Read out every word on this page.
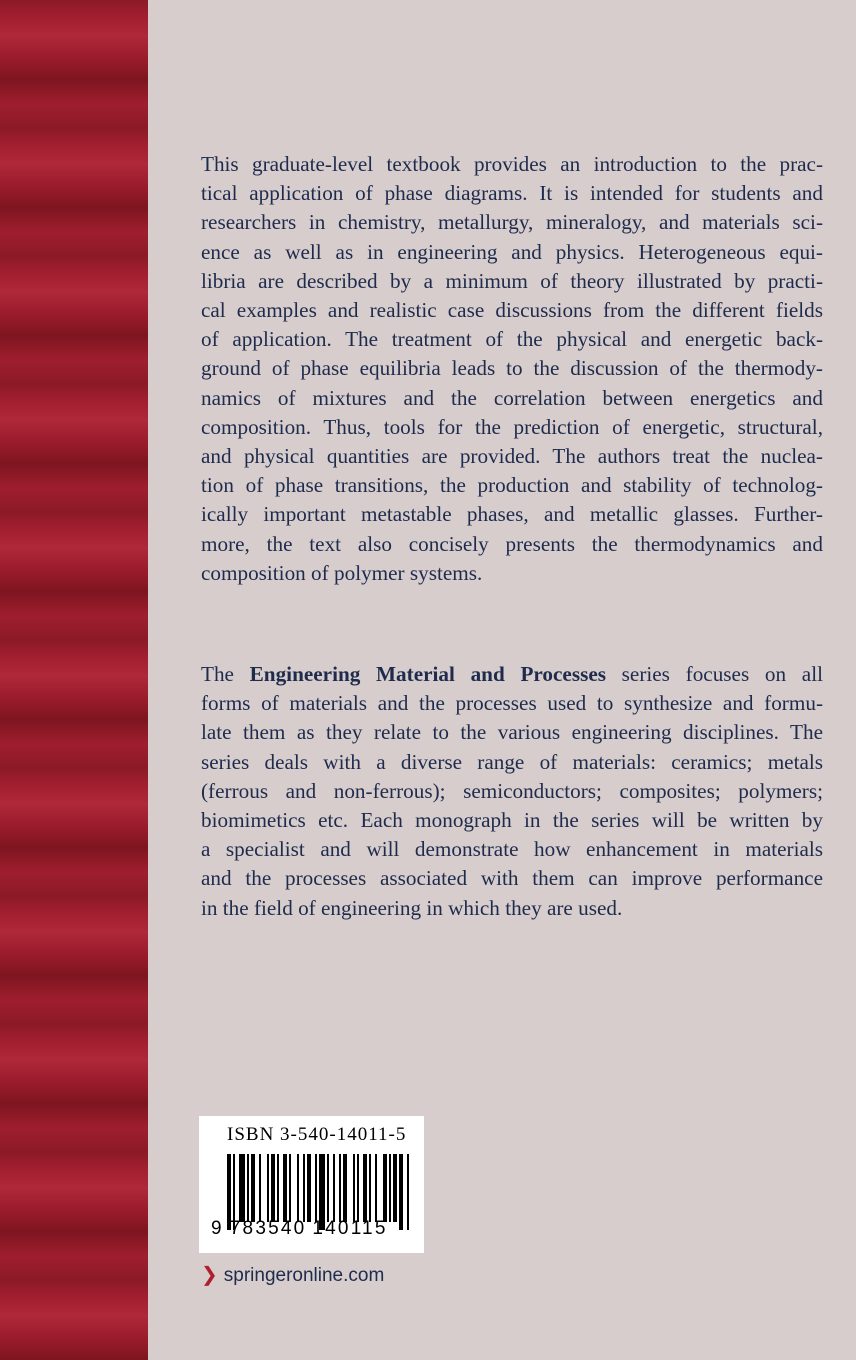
This graduate-level textbook provides an introduction to the prac-
tical application of phase diagrams. It is intended for students and
researchers in chemistry, metallurgy, mineralogy, and materials sci-
ence as well as in engineering and physics. Heterogeneous equi-
libria are described by a minimum of theory illustrated by practi-
cal examples and realistic case discussions from the different fields
of application. The treatment of the physical and energetic back-
ground of phase equilibria leads to the discussion of the thermody-
namics of mixtures and the correlation between energetics and
composition. Thus, tools for the prediction of energetic, structural,
and physical quantities are provided. The authors treat the nuclea-
tion of phase transitions, the production and stability of technolog-
ically important metastable phases, and metallic glasses. Further-
more, the text also concisely presents the thermodynamics and
composition of polymer systems.
The Engineering Material and Processes series focuses on all
forms of materials and the processes used to synthesize and formu-
late them as they relate to the various engineering disciplines. The
series deals with a diverse range of materials: ceramics; metals
(ferrous and non-ferrous); semiconductors; composites; polymers;
biomimetics etc. Each monograph in the series will be written by
a specialist and will demonstrate how enhancement in materials
and the processes associated with them can improve performance
in the field of engineering in which they are used.
ISBN 3-540-14011-5
9 783540 140115
❯ springeronline.com
